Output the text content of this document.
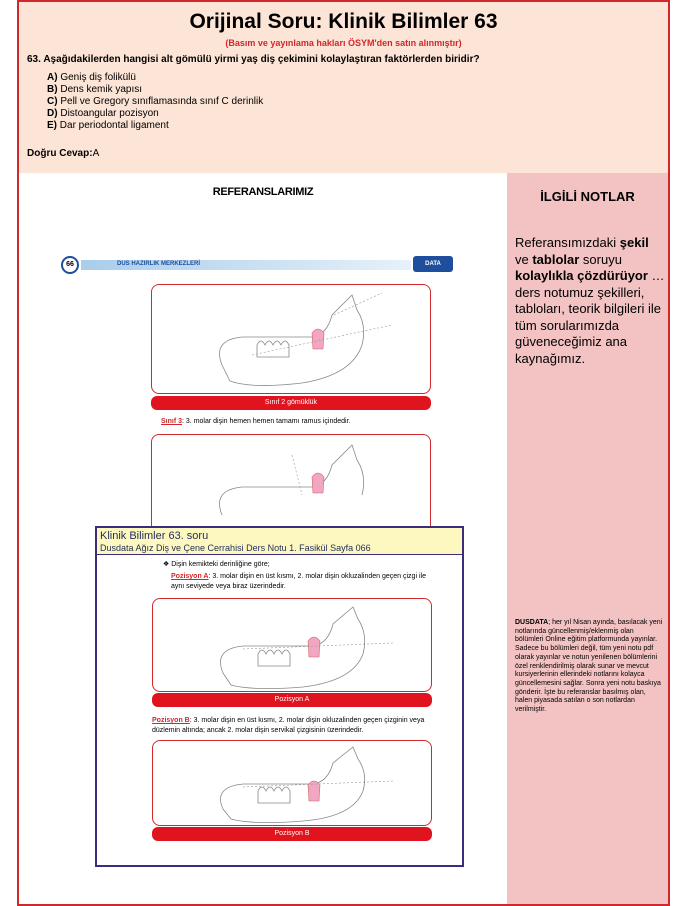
Orijinal Soru: Klinik Bilimler 63
(Basım ve yayınlama hakları ÖSYM'den satın alınmıştır)
63. Aşağıdakilerden hangisi alt gömülü yirmi yaş diş çekimini kolaylaştıran faktörlerden biridir?
A) Geniş diş folikülü
B) Dens kemik yapısı
C) Pell ve Gregory sınıflamasında sınıf C derinlik
D) Distoangular pozisyon
E) Dar periodontal ligament
Doğru Cevap:A
REFERANSLARIMIZ
66	DUS HAZIRLIK MERKEZLERİ	DATA
Sınıf 2 gömüklük
Sınıf 3: 3. molar dişin hemen hemen tamamı ramus içindedir.
Klinik Bilimler 63. soru
Dusdata Ağız Diş ve Çene Cerrahisi Ders Notu 1. Fasikül Sayfa 066
❖ Dişin kemikteki derinliğine göre;
Pozisyon A: 3. molar dişin en üst kısmı, 2. molar dişin okluzalinden geçen çizgi ile aynı seviyede veya biraz üzerindedir.
Pozisyon A
Pozisyon B: 3. molar dişin en üst kısmı, 2. molar dişin okluzalinden geçen çizginin veya düzlemin altında; ancak 2. molar dişin servikal çizgisinin üzerindedir.
Pozisyon B
İLGİLİ NOTLAR
Referansımızdaki şekil ve tablolar soruyu kolaylıkla çözdürüyor …ders notumuz şekilleri, tabloları, teorik bilgileri ile tüm sorularımızda güveneceğimiz ana kaynağımız.
DUSDATA; her yıl Nisan ayında, basılacak yeni notlarında güncellenmiş/eklenmiş olan bölümleri Online eğitim platformunda yayınlar. Sadece bu bölümleri değil, tüm yeni notu pdf olarak yayınlar ve notun yenilenen bölümlerini özel renklendirilmiş olarak sunar ve mevcut kursiyerlerinin ellerindeki notlarını kolayca güncellemesini sağlar. Sonra yeni notu baskıya gönderir. İşte bu referanslar basılmış olan, halen piyasada satılan o son notlardan verilmiştir.
